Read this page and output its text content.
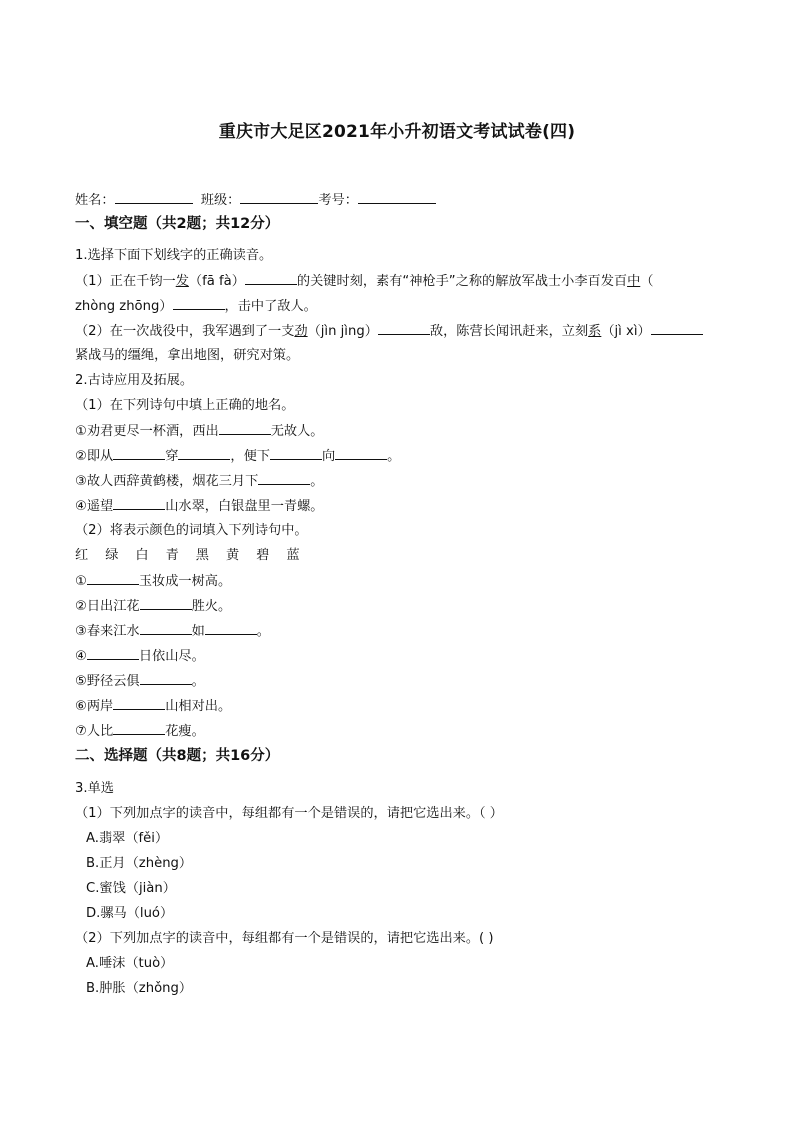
重庆市大足区2021年小升初语文考试试卷(四)
姓名：	班级：	考号：
一、填空题（共2题；共12分）
1.选择下面下划线字的正确读音。
（1）正在千钧一发（fā fà）	的关键时刻，素有“神枪手”之称的解放军战士小李百发百中（
zhòng zhōng）	，击中了敌人。
（2）在一次战役中，我军遇到了一支劲（jìn jìng）	敌，陈营长闻讯赶来，立刻系（jì xì）
紧战马的缰绳，拿出地图，研究对策。
2.古诗应用及拓展。
（1）在下列诗句中填上正确的地名。
①劝君更尽一杯酒，西出	无故人。
②即从	穿	，便下	向	。
③故人西辞黄鹤楼，烟花三月下	。
④遥望	山水翠，白银盘里一青螺。
（2）将表示颜色的词填入下列诗句中。
红 绿 白 青 黑 黄 碧 蓝
①	玉妆成一树高。
②日出江花	胜火。
③春来江水	如	。
④	日依山尽。
⑤野径云俱	。
⑥两岸	山相对出。
⑦人比	花瘦。
二、选择题（共8题；共16分）
3.单选
（1）下列加点字的读音中，每组都有一个是错误的，请把它选出来。（ ）
A.翡翠（fěi）
B.正月（zhèng）
C.蜜饯（jiàn）
D.骡马（luó）
（2）下列加点字的读音中，每组都有一个是错误的，请把它选出来。( )
A.唾沫（tuò）
B.肿胀（zhǒng）
